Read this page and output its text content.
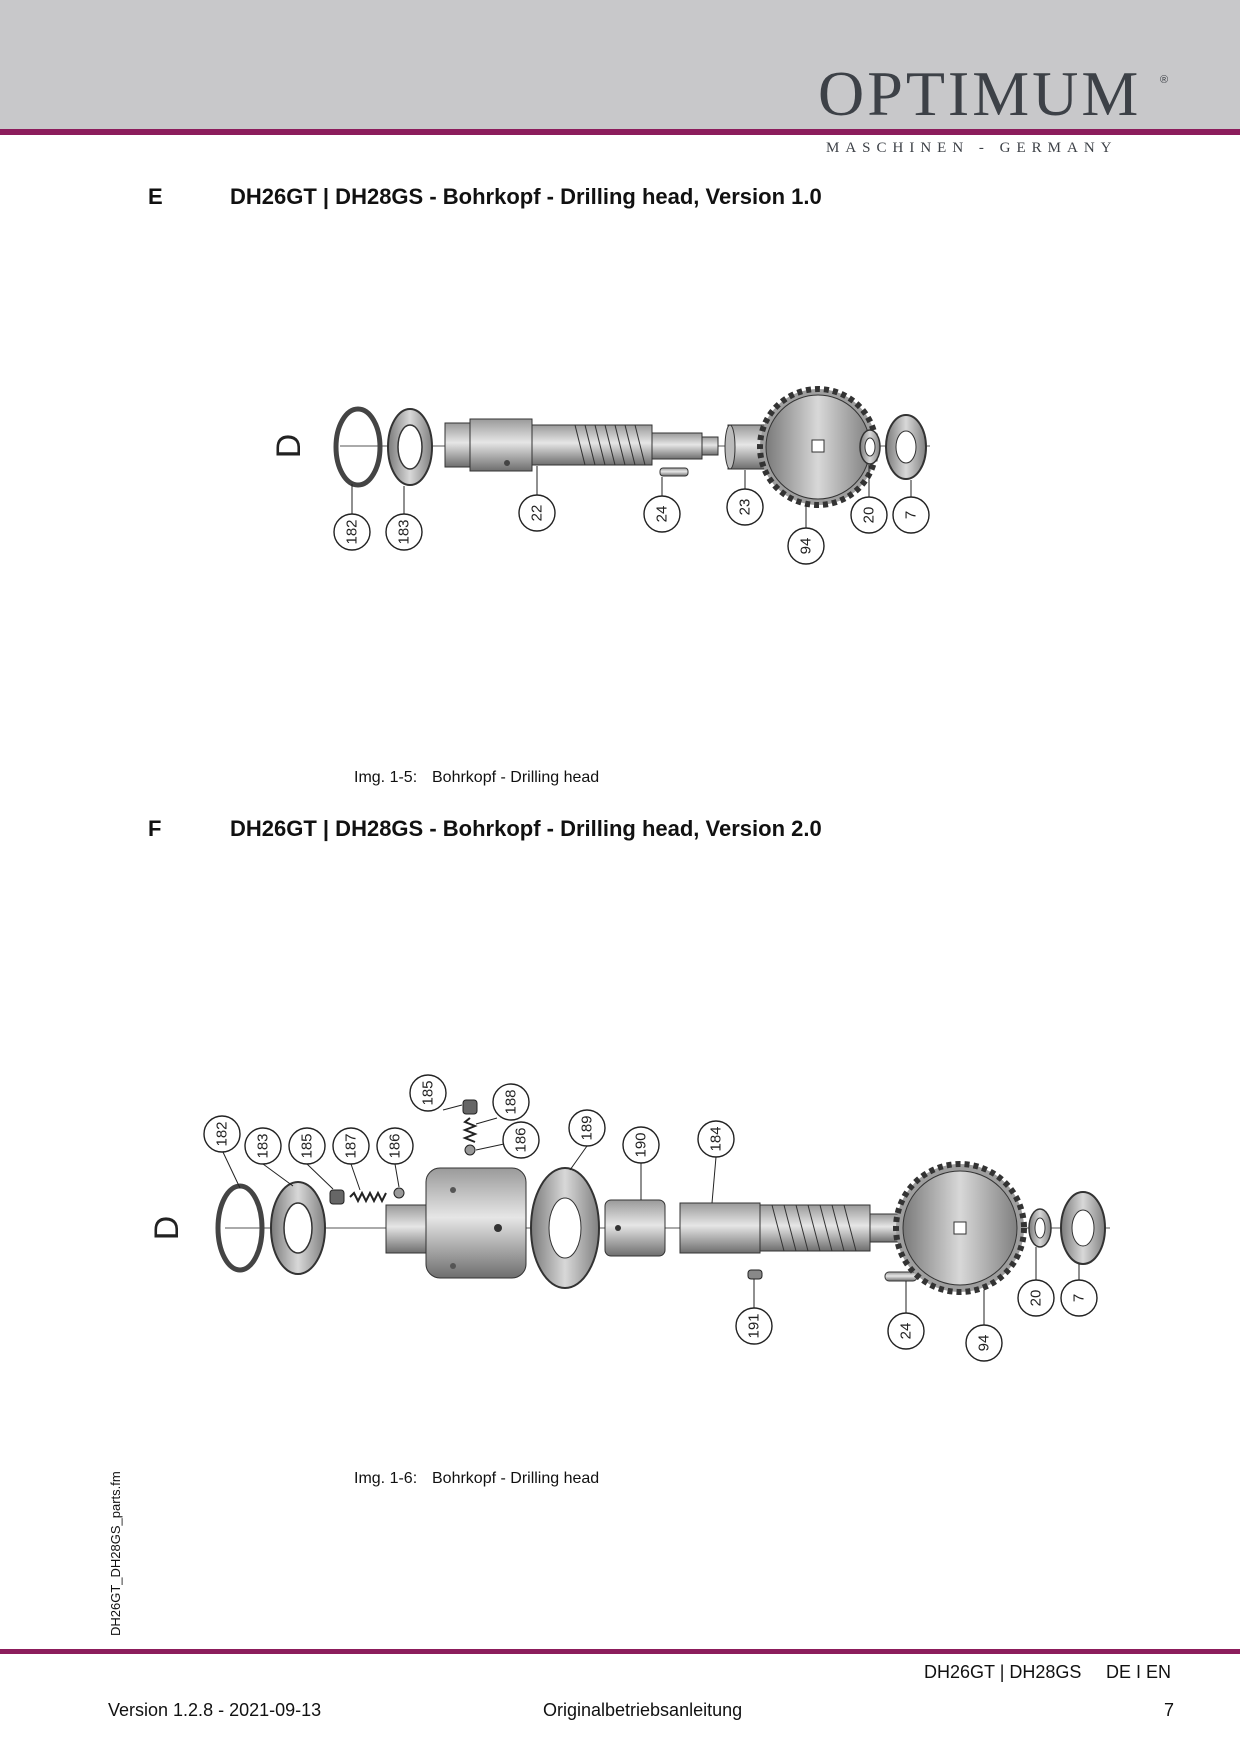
OPTIMUM ®
MASCHINEN - GERMANY
E	DH26GT | DH28GS - Bohrkopf - Drilling head, Version 1.0
D
182 183
22	24	23
94
20 7
Img. 1-5: Bohrkopf - Drilling head
F	DH26GT | DH28GS - Bohrkopf - Drilling head, Version 2.0
D
182 183 185 187 186
185	188
186	189
190	184
191	24
94
20 7
Img. 1-6: Bohrkopf - Drilling head
DH26GT_DH28GS_parts.fm
DH26GT | DH28GS DE I EN
Version 1.2.8 - 2021-09-13	Originalbetriebsanleitung	7
